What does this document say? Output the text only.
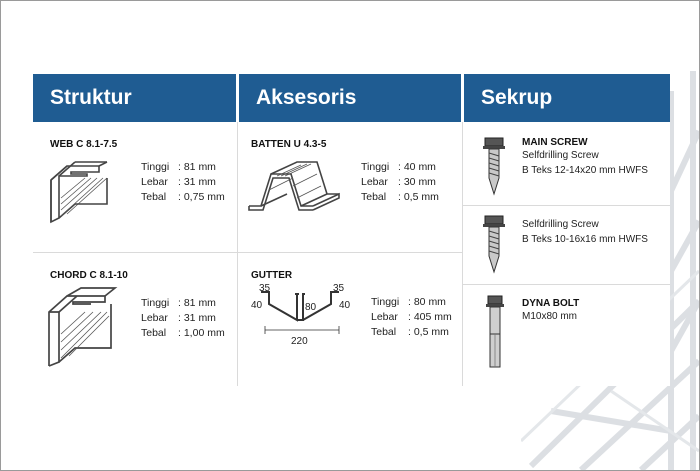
Struktur	Aksesoris	Sekrup
WEB C 8.1-7.5
Tinggi : 81 mm
Lebar : 31 mm
Tebal	: 0,75 mm
CHORD C 8.1-10
Tinggi : 81 mm
Lebar : 31 mm
Tebal	: 1,00 mm
BATTEN U 4.3-5
Tinggi : 40 mm
Lebar : 30 mm
Tebal	: 0,5 mm
GUTTER
35
40	80
35
40
220
Tinggi : 80 mm
Lebar : 405 mm
Tebal	: 0,5 mm
MAIN SCREW
Selfdrilling Screw
B Teks 12-14x20 mm HWFS
Selfdrilling Screw
B Teks 10-16x16 mm HWFS
DYNA BOLT
M10x80 mm
